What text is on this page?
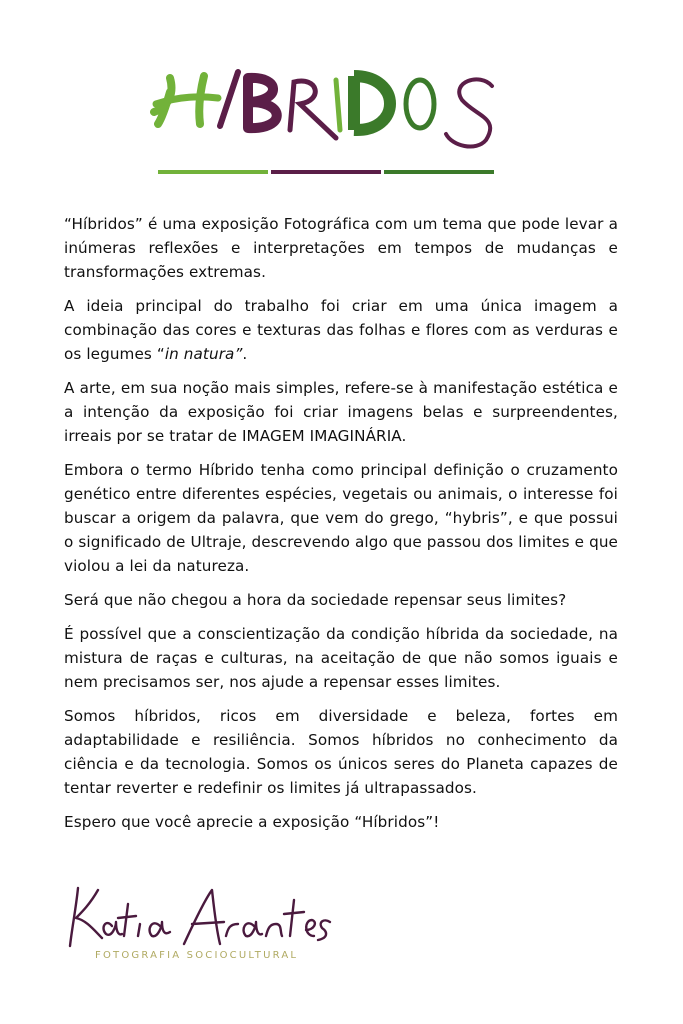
“Híbridos” é uma exposição Fotográfica com um tema que pode levar a inúmeras reflexões e interpretações em tempos de mudanças e transformações extremas.

A ideia principal do trabalho foi criar em uma única imagem a combinação das cores e texturas das folhas e flores com as verduras e os legumes “in natura”.

A arte, em sua noção mais simples, refere-se à manifestação estética e a intenção da exposição foi criar imagens belas e surpreendentes, irreais por se tratar de IMAGEM IMAGINÁRIA.

Embora o termo Híbrido tenha como principal definição o cruzamento genético entre diferentes espécies, vegetais ou animais, o interesse foi buscar a origem da palavra, que vem do grego, “hybris”, e que possui o significado de Ultraje, descrevendo algo que passou dos limites e que violou a lei da natureza.

Será que não chegou a hora da sociedade repensar seus limites?

É possível que a conscientização da condição híbrida da sociedade, na mistura de raças e culturas, na aceitação de que não somos iguais e nem precisamos ser, nos ajude a repensar esses limites.

Somos híbridos, ricos em diversidade e beleza, fortes em adaptabilidade e resiliência. Somos híbridos no conhecimento da ciência e da tecnologia. Somos os únicos seres do Planeta capazes de tentar reverter e redefinir os limites já ultrapassados.

Espero que você aprecie a exposição “Híbridos”!

FOTOGRAFIA SOCIOCULTURAL
